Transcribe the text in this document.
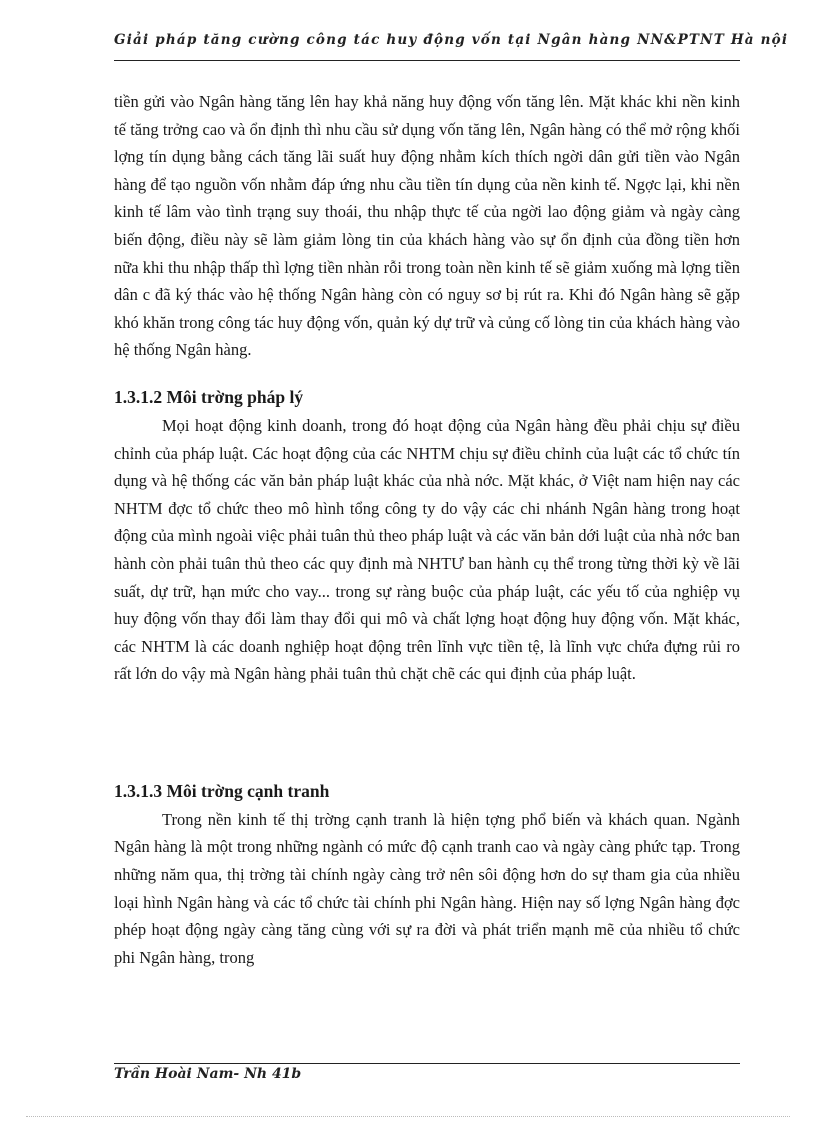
Giải pháp tăng cường công tác huy động vốn tại Ngân hàng NN&PTNT Hà nội

tiền gửi vào Ngân hàng tăng lên hay khả năng huy động vốn tăng lên. Mặt khác khi nền kinh tế tăng trởng cao và ổn định thì nhu cầu sử dụng vốn tăng lên, Ngân hàng có thể mở rộng khối lợng tín dụng bằng cách tăng lãi suất huy động nhằm kích thích ngời dân gửi tiền vào Ngân hàng để tạo nguồn vốn nhằm đáp ứng nhu cầu tiền tín dụng của nền kinh tế. Ngợc lại, khi nền kinh tế lâm vào tình trạng suy thoái, thu nhập thực tế của ngời lao động giảm và ngày càng biến động, điều này sẽ làm giảm lòng tin của khách hàng vào sự ổn định của đồng tiền hơn nữa khi thu nhập thấp thì lợng tiền nhàn rỗi trong toàn nền kinh tế sẽ giảm xuống mà lợng tiền dân c đã ký thác vào hệ thống Ngân hàng còn có nguy sơ bị rút ra. Khi đó Ngân hàng sẽ gặp khó khăn trong công tác huy động vốn, quản ký dự trữ và củng cố lòng tin của khách hàng vào hệ thống Ngân hàng.

1.3.1.2 Môi trờng pháp lý

Mọi hoạt động kinh doanh, trong đó hoạt động của Ngân hàng đều phải chịu sự điều chỉnh của pháp luật. Các hoạt động của các NHTM chịu sự điều chỉnh của luật các tổ chức tín dụng và hệ thống các văn bản pháp luật khác của nhà nớc. Mặt khác, ở Việt nam hiện nay các NHTM đợc tổ chức theo mô hình tổng công ty do vậy các chi nhánh Ngân hàng trong hoạt động của mình ngoài việc phải tuân thủ theo pháp luật và các văn bản dới luật của nhà nớc ban hành còn phải tuân thủ theo các quy định mà NHTƯ ban hành cụ thể trong từng thời kỳ về lãi suất, dự trữ, hạn mức cho vay... trong sự ràng buộc của pháp luật, các yếu tố của nghiệp vụ huy động vốn thay đổi làm thay đổi qui mô và chất lợng hoạt động huy động vốn. Mặt khác, các NHTM là các doanh nghiệp hoạt động trên lĩnh vực tiền tệ, là lĩnh vực chứa đựng rủi ro rất lớn do vậy mà Ngân hàng phải tuân thủ chặt chẽ các qui định của pháp luật.

1.3.1.3 Môi trờng cạnh tranh

Trong nền kinh tế thị trờng cạnh tranh là hiện tợng phổ biến và khách quan. Ngành Ngân hàng là một trong những ngành có mức độ cạnh tranh cao và ngày càng phức tạp. Trong những năm qua, thị trờng tài chính ngày càng trở nên sôi động hơn do sự tham gia của nhiều loại hình Ngân hàng và các tổ chức tài chính phi Ngân hàng. Hiện nay số lợng Ngân hàng đợc phép hoạt động ngày càng tăng cùng với sự ra đời và phát triển mạnh mẽ của nhiều tổ chức phi Ngân hàng, trong

Trần Hoài Nam- Nh 41b
